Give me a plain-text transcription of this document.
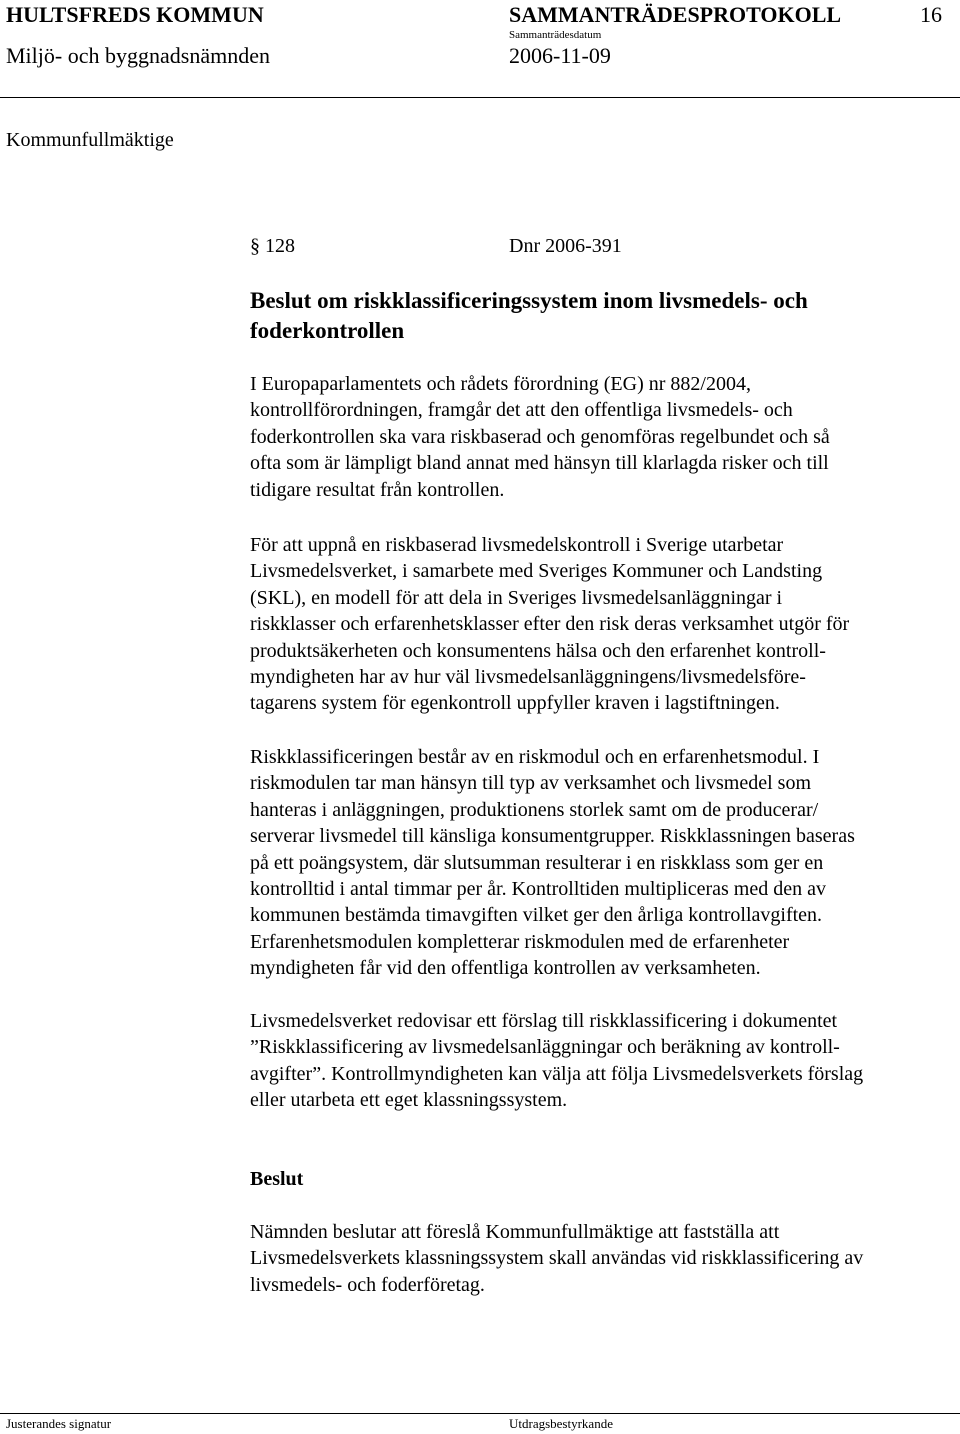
HULTSFREDS KOMMUN	SAMMANTRÄDESPROTOKOLL	16
Sammanträdesdatum
Miljö- och byggnadsnämnden	2006-11-09
Kommunfullmäktige
§ 128	Dnr 2006-391
Beslut om riskklassificeringssystem inom livsmedels- och
foderkontrollen
I Europaparlamentets och rådets förordning (EG) nr 882/2004,
kontrollförordningen, framgår det att den offentliga livsmedels- och
foderkontrollen ska vara riskbaserad och genomföras regelbundet och så
ofta som är lämpligt bland annat med hänsyn till klarlagda risker och till
tidigare resultat från kontrollen.
För att uppnå en riskbaserad livsmedelskontroll i Sverige utarbetar
Livsmedelsverket, i samarbete med Sveriges Kommuner och Landsting
(SKL), en modell för att dela in Sveriges livsmedelsanläggningar i
riskklasser och erfarenhetsklasser efter den risk deras verksamhet utgör för
produktsäkerheten och konsumentens hälsa och den erfarenhet kontroll-
myndigheten har av hur väl livsmedelsanläggningens/livsmedelsföre-
tagarens system för egenkontroll uppfyller kraven i lagstiftningen.
Riskklassificeringen består av en riskmodul och en erfarenhetsmodul. I
riskmodulen tar man hänsyn till typ av verksamhet och livsmedel som
hanteras i anläggningen, produktionens storlek samt om de producerar/
serverar livsmedel till känsliga konsumentgrupper. Riskklassningen baseras
på ett poängsystem, där slutsumman resulterar i en riskklass som ger en
kontrolltid i antal timmar per år. Kontrolltiden multipliceras med den av
kommunen bestämda timavgiften vilket ger den årliga kontrollavgiften.
Erfarenhetsmodulen kompletterar riskmodulen med de erfarenheter
myndigheten får vid den offentliga kontrollen av verksamheten.
Livsmedelsverket redovisar ett förslag till riskklassificering i dokumentet
”Riskklassificering av livsmedelsanläggningar och beräkning av kontroll-
avgifter”. Kontrollmyndigheten kan välja att följa Livsmedelsverkets förslag
eller utarbeta ett eget klassningssystem.
Beslut
Nämnden beslutar att föreslå Kommunfullmäktige att fastställa att
Livsmedelsverkets klassningssystem skall användas vid riskklassificering av
livsmedels- och foderföretag.
Justerandes signatur	Utdragsbestyrkande
